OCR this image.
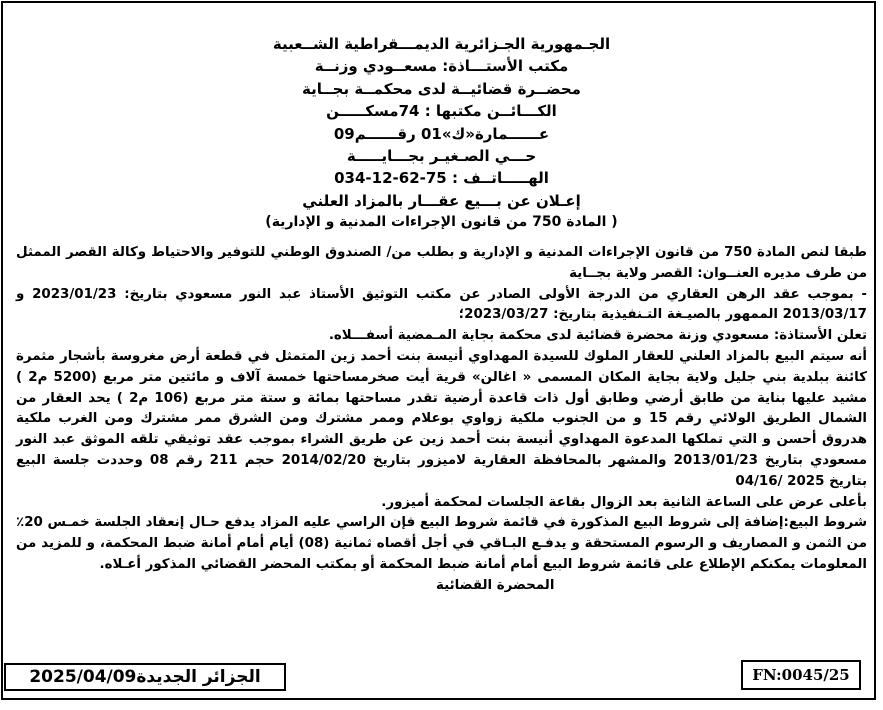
الجـمهورية الجـزائرية الديمـــقراطية الشــعبية
مكتب الأستـــاذة: مسعــودي وزنــة
محضــرة قضائيــة لدى محكمــة بجــاية
الكـــائــن مكتبها : 74مسكـــــن
عــــــمارة«ك»01 رقــــــم09
حـــي الصـغيـر بجـــايـــــة
الهـــــاتــف : 75-62-12-034
إعـلان عن بـــيع عقـــار بالمزاد العلني
( المادة 750 من قانون الإجراءات المدنية و الإدارية)

طبقا لنص المادة 750 من قانون الإجراءات المدنية و الإدارية و بطلب من/ الصندوق الوطني للتوفير والاحتياط وكالة القصر الممثل من طرف مديره العنــوان: القصر ولاية بجــاية

- بموجب عقد الرهن العقاري من الدرجة الأولى الصادر عن مكتب التوثيق الأستاذ عبد النور مسعودي بتاريخ: 2023/01/23 و 2013/03/17 الممهور بالصيـغة التـنفيذية بتاريخ: 2023/03/27؛

تعلن الأستاذة: مسعودي وزنة محضرة قضائية لدى محكمة بجاية المـمضية أسفـــلاه.

أنه سيتم البيع بالمزاد العلني للعقار الملوك للسيدة المهداوي أنيسة بنت أحمد زين المتمثل في قطعة أرض مغروسة بأشجار مثمرة كائنة ببلدية بني جليل ولاية بجاية المكان المسمى « اغالن» قرية أيت صخرمساحتها خمسة آلاف و مائتين متر مربع (5200 م2 ) مشيد عليها بناية من طابق أرضي وطابق أول ذات قاعدة أرضية تقدر مساحتها بمائة و ستة متر مربع (106 م2 ) يحد العقار من الشمال الطريق الولائي رقم 15 و من الجنوب ملكية زواوي بوعلام وممر مشترك ومن الشرق ممر مشترك ومن الغرب ملكية هدروق أحسن و التي تملكها المدعوة المهداوي أنيسة بنت أحمد زين عن طريق الشراء بموجب عقد توثيقي تلقه الموثق عبد النور مسعودي بتاريخ 2013/01/23 والمشهر بالمحافظة العقارية لاميزور بتاريخ 2014/02/20 حجم 211 رقم 08 وحددت جلسة البيع بتاريخ 2025 /04/16

بأعلى عرض على الساعة الثانية بعد الزوال بقاعة الجلسات لمحكمة أميزور.

شروط البيع:إضافة إلى شروط البيع المذكورة في قائمة شروط البيع فإن الراسي عليه المزاد يدفع حـال إنعقاد الجلسة خمـس 20٪ من الثمن و المصاريف و الرسوم المستحقة و يدفـع البـاقي في أجل أقصاه ثمانية (08) أيام أمام أمانة ضبط المحكمة، و للمزيد من المعلومات يمكنكم الإطلاع على قائمة شروط البيع أمام أمانة ضبط المحكمة أو بمكتب المحضر القضائي المذكور أعـلاه.

المحضرة القضائية
الجزائر الجديدة2025/04/09	FN:0045/25
